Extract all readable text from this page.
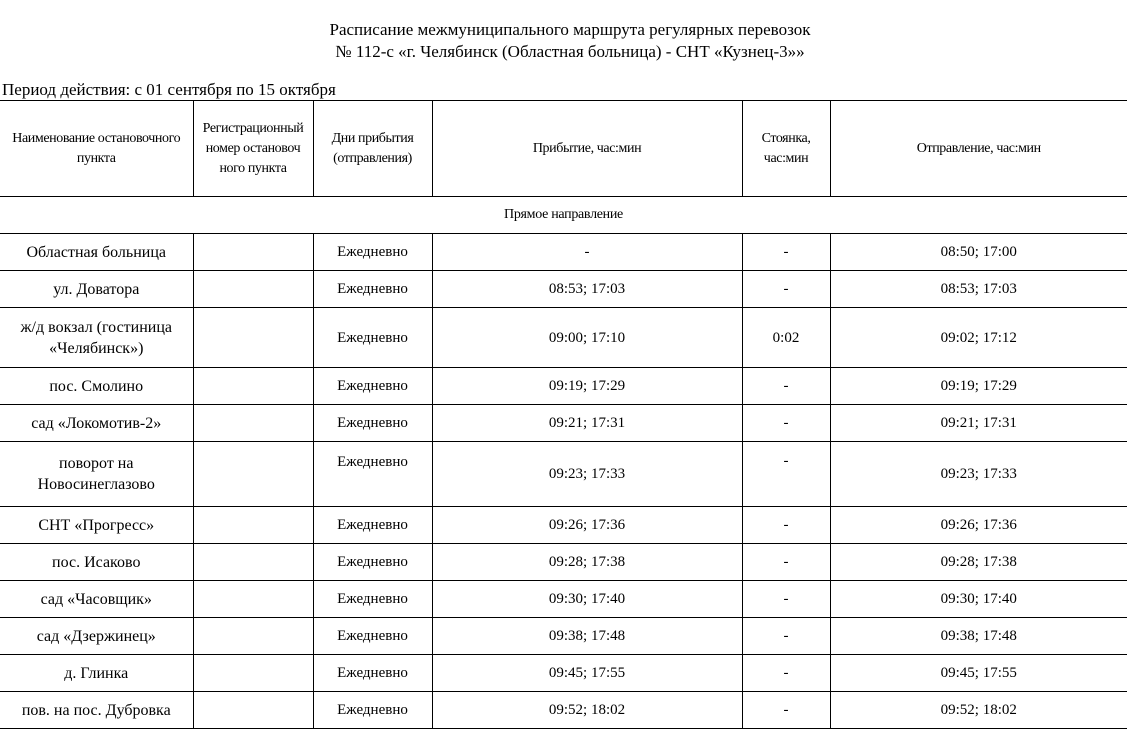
Расписание межмуниципального маршрута регулярных перевозок
№ 112-с «г. Челябинск (Областная больница) - СНТ «Кузнец-3»»
Период действия: с 01 сентября по 15 октября
Наименование остановочного пункта	Регистрационный номер остановоч ного пункта	Дни прибытия (отправления)	Прибытие, час:мин	Стоянка, час:мин	Отправление, час:мин
Прямое направление					
Областная больница		Ежедневно	-	-	08:50; 17:00
ул. Доватора		Ежедневно	08:53; 17:03	-	08:53; 17:03
ж/д вокзал (гостиница «Челябинск»)		Ежедневно	09:00; 17:10	0:02	09:02; 17:12
пос. Смолино		Ежедневно	09:19; 17:29	-	09:19; 17:29
сад «Локомотив-2»		Ежедневно	09:21; 17:31	-	09:21; 17:31
поворот на Новосинеглазово		Ежедневно	09:23; 17:33	-	09:23; 17:33
СНТ «Прогресс»		Ежедневно	09:26; 17:36	-	09:26; 17:36
пос. Исаково		Ежедневно	09:28; 17:38	-	09:28; 17:38
сад «Часовщик»		Ежедневно	09:30; 17:40	-	09:30; 17:40
сад «Дзержинец»		Ежедневно	09:38; 17:48	-	09:38; 17:48
д. Глинка		Ежедневно	09:45; 17:55	-	09:45; 17:55
пов. на пос. Дубровка		Ежедневно	09:52; 18:02	-	09:52; 18:02
